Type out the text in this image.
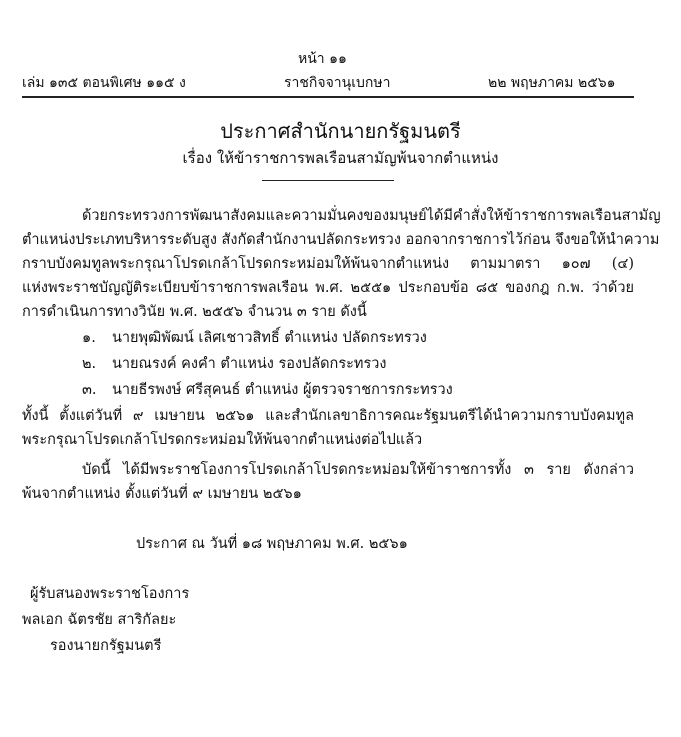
หน้า ๑๑
เล่ม ๑๓๕ ตอนพิเศษ ๑๑๕ ง	ราชกิจจานุเบกษา	๒๒ พฤษภาคม ๒๕๖๑
ประกาศสำนักนายกรัฐมนตรี
เรื่อง ให้ข้าราชการพลเรือนสามัญพ้นจากตำแหน่ง
ด้วยกระทรวงการพัฒนาสังคมและความมั่นคงของมนุษย์ได้มีคำสั่งให้ข้าราชการพลเรือนสามัญ
ตำแหน่งประเภทบริหารระดับสูง สังกัดสำนักงานปลัดกระทรวง ออกจากราชการไว้ก่อน จึงขอให้นำความ
กราบบังคมทูลพระกรุณาโปรดเกล้าโปรดกระหม่อมให้พ้นจากตำแหน่ง ตามมาตรา ๑๐๗ (๔)
แห่งพระราชบัญญัติระเบียบข้าราชการพลเรือน พ.ศ. ๒๕๕๑ ประกอบข้อ ๘๕ ของกฎ ก.พ. ว่าด้วย
การดำเนินการทางวินัย พ.ศ. ๒๕๕๖ จำนวน ๓ ราย ดังนี้
๑. นายพุฒิพัฒน์ เลิศเชาวสิทธิ์ ตำแหน่ง ปลัดกระทรวง
๒. นายณรงค์ คงคำ ตำแหน่ง รองปลัดกระทรวง
๓. นายธีรพงษ์ ศรีสุคนธ์ ตำแหน่ง ผู้ตรวจราชการกระทรวง
ทั้งนี้ ตั้งแต่วันที่ ๙ เมษายน ๒๕๖๑ และสำนักเลขาธิการคณะรัฐมนตรีได้นำความกราบบังคมทูล
พระกรุณาโปรดเกล้าโปรดกระหม่อมให้พ้นจากตำแหน่งต่อไปแล้ว
บัดนี้ ได้มีพระราชโองการโปรดเกล้าโปรดกระหม่อมให้ข้าราชการทั้ง ๓ ราย ดังกล่าว
พ้นจากตำแหน่ง ตั้งแต่วันที่ ๙ เมษายน ๒๕๖๑
ประกาศ ณ วันที่ ๑๘ พฤษภาคม พ.ศ. ๒๕๖๑
ผู้รับสนองพระราชโองการ
พลเอก ฉัตรชัย สาริกัลยะ
รองนายกรัฐมนตรี
